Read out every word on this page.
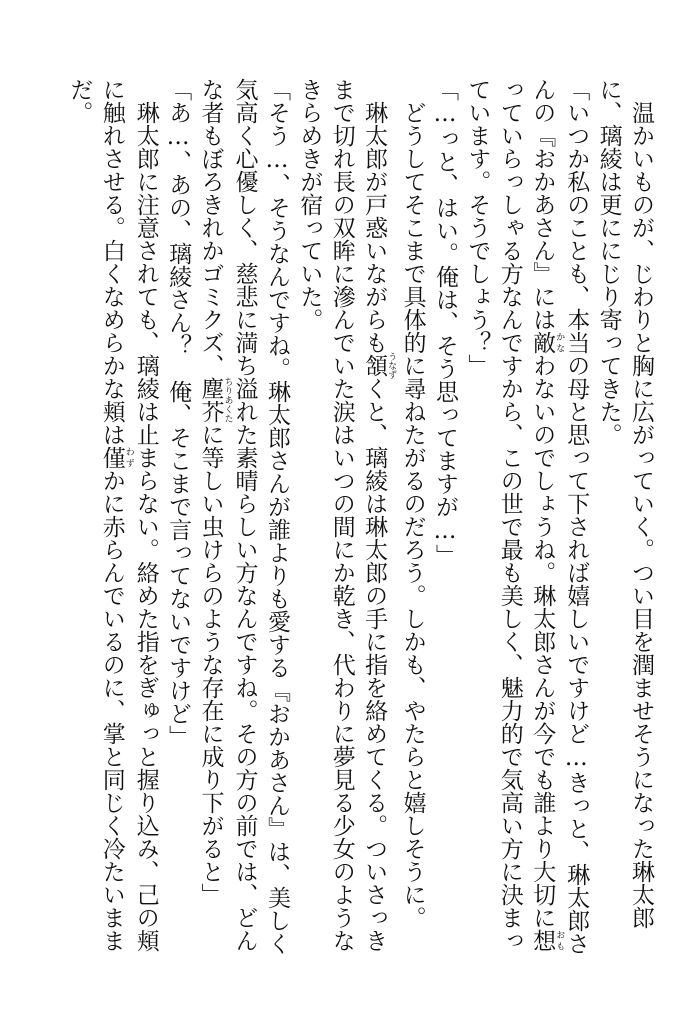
温かいものが、じわりと胸に広がっていく。つい目を潤ませそうになった琳太郎に、璃綾は更ににじり寄ってきた。

「いつか私のことも、本当の母と思って下されば嬉しいですけど…きっと、琳太郎さんの『おかあさん』には敵 かなわないのでしょうね。琳太郎さんが今でも誰より大切に想 おもっていらっしゃる方なんですから、この世で最も美しく、魅力的で気高い方に決まっています。そうでしょう？」

「…っと、はい。俺は、そう思ってますが…」

どうしてそこまで具体的に尋ねたがるのだろう。しかも、やたらと嬉しそうに。

琳太郎が戸惑いながらも頷 うなずくと、璃綾は琳太郎の手に指を絡めてくる。ついさっきまで切れ長の双眸に滲んでいた涙はいつの間にか乾き、代わりに夢見る少女のようなきらめきが宿っていた。

「そう…、そうなんですね。琳太郎さんが誰よりも愛する『おかあさん』は、美しく気高く心優しく、慈悲に満ち溢れた素晴らしい方なんですね。その方の前では、どんな者もぼろきれかゴミクズ、塵芥 ちりあくたに等しい虫けらのような存在に成り下がると」

「あ…、あの、璃綾さん？　俺、そこまで言ってないですけど」

琳太郎に注意されても、璃綾は止まらない。絡めた指をぎゅっと握り込み、己の頬に触れさせる。白くなめらかな頬は僅 わずかに赤らんでいるのに、掌と同じく冷たいままだ。
